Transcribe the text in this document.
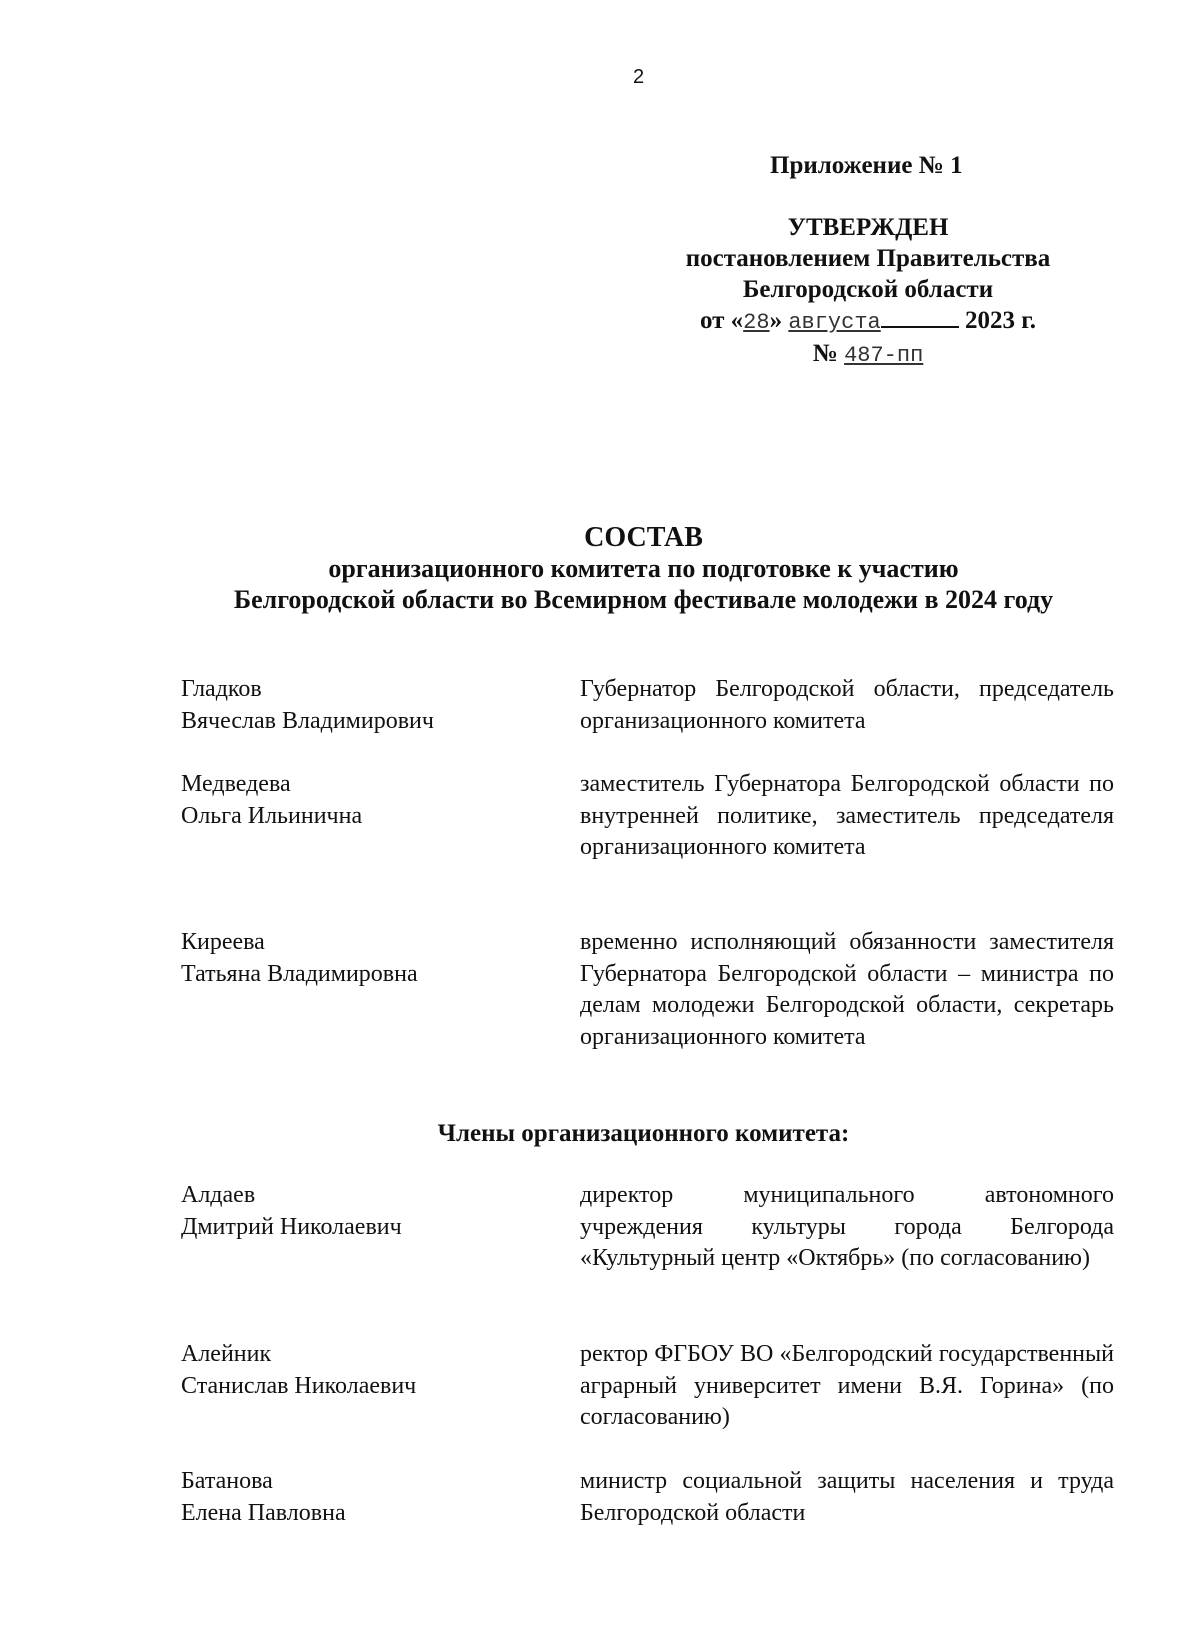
2
Приложение № 1
УТВЕРЖДЕН
постановлением Правительства
Белгородской области
от «28» августа	2023 г.
№ 487-пп
СОСТАВ
организационного комитета по подготовке к участию
Белгородской области во Всемирном фестивале молодежи в 2024 году
Гладков
Вячеслав Владимирович
Губернатор Белгородской области, председатель организационного комитета
Медведева
Ольга Ильинична
заместитель Губернатора Белгородской области по внутренней политике, заместитель председателя организационного комитета
Киреева
Татьяна Владимировна
временно исполняющий обязанности заместителя Губернатора Белгородской области – министра по делам молодежи Белгородской области, секретарь организационного комитета
Члены организационного комитета:
Алдаев
Дмитрий Николаевич
директор муниципального автономного учреждения культуры города Белгорода «Культурный центр «Октябрь» (по согласованию)
Алейник
Станислав Николаевич
ректор ФГБОУ ВО «Белгородский государственный аграрный университет имени В.Я. Горина» (по согласованию)
Батанова
Елена Павловна
министр социальной защиты населения и труда Белгородской области
